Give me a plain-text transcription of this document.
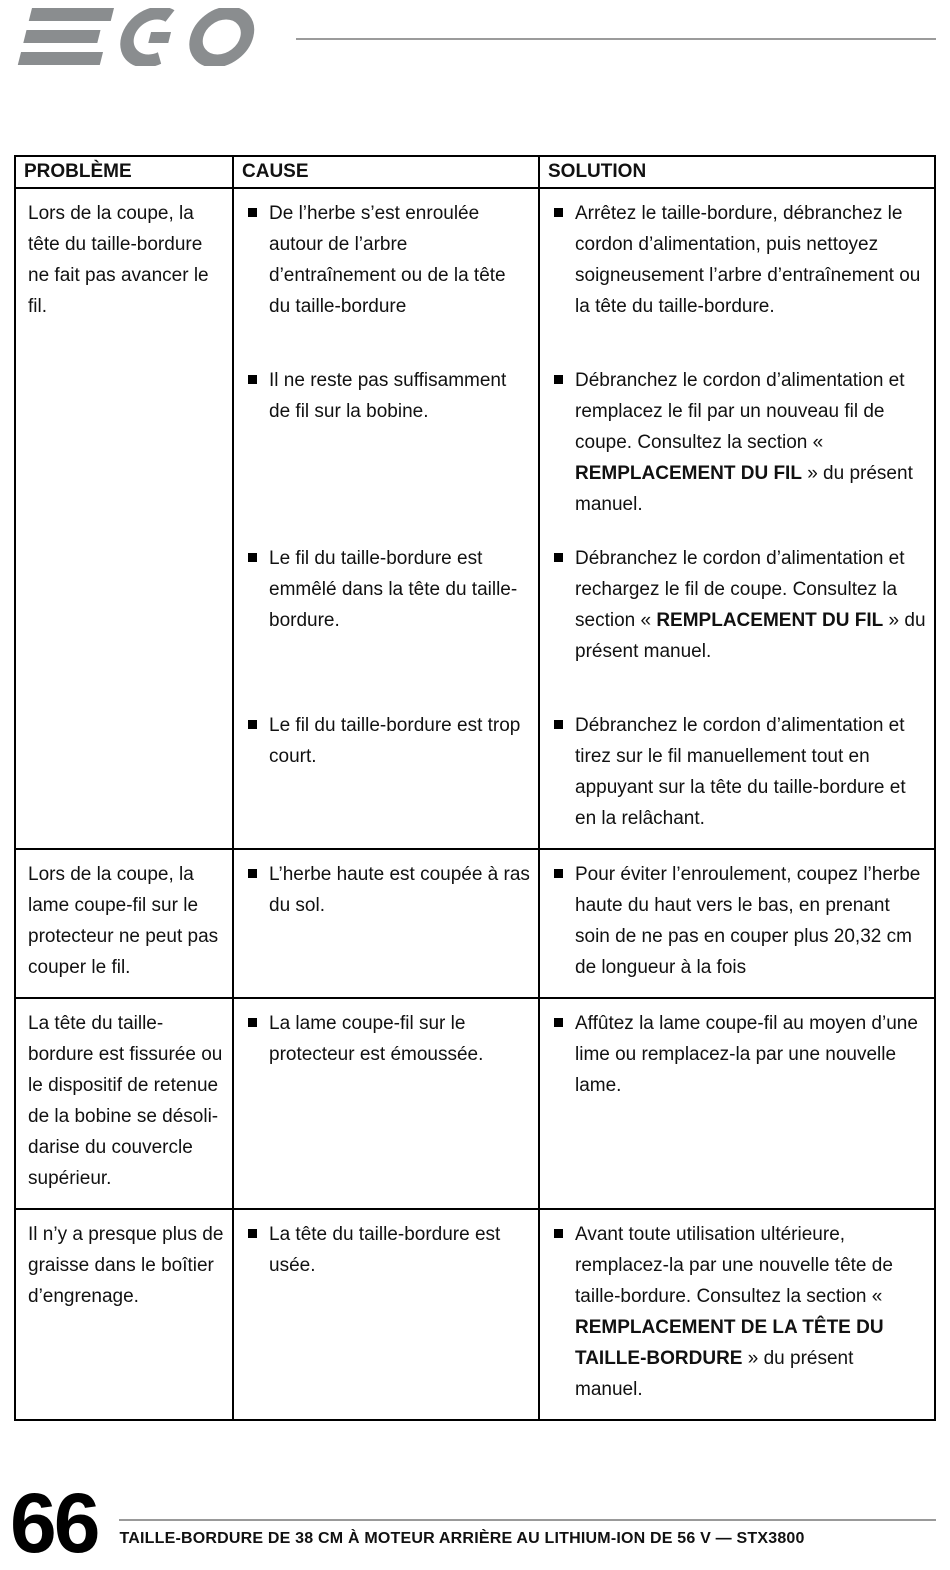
PROBLÈME	CAUSE	SOLUTION

Lors de la coupe, la tête du taille-bordure ne fait pas avancer le fil.	De l’herbe s’est enroulée autour de l’arbre d’entraînement ou de la tête du taille-bordure	Arrêtez le taille-bordure, débranchez le cordon d’alimentation, puis nettoyez soigneusement l’arbre d’entraînement ou la tête du taille-bordure.

	Il ne reste pas suffisamment de fil sur la bobine.	Débranchez le cordon d’alimentation et remplacez le fil par un nouveau fil de coupe. Consultez la section « REMPLACEMENT DU FIL » du présent manuel.

	Le fil du taille-bordure est emmêlé dans la tête du taille-bordure.	Débranchez le cordon d’alimentation et rechargez le fil de coupe. Consultez la section « REMPLACEMENT DU FIL » du présent manuel.

	Le fil du taille-bordure est trop court.	Débranchez le cordon d’alimentation et tirez sur le fil manuellement tout en appuyant sur la tête du taille-bordure et en la relâchant.

Lors de la coupe, la lame coupe-fil sur le protecteur ne peut pas couper le fil.	L’herbe haute est coupée à ras du sol.	Pour éviter l’enroulement, coupez l’herbe haute du haut vers le bas, en prenant soin de ne pas en couper plus 20,32 cm de longueur à la fois

La tête du taille-bordure est fissurée ou le dispositif de retenue de la bobine se désoli-darise du couvercle supérieur.	La lame coupe-fil sur le protecteur est émoussée.	Affûtez la lame coupe-fil au moyen d’une lime ou remplacez-la par une nouvelle lame.

Il n’y a presque plus de graisse dans le boîtier d’engrenage.	La tête du taille-bordure est usée.	Avant toute utilisation ultérieure, remplacez-la par une nouvelle tête de taille-bordure. Consultez la section « REMPLACEMENT DE LA TÊTE DU TAILLE-BORDURE » du présent manuel.
66 TAILLE-BORDURE DE 38 CM À MOTEUR ARRIÈRE AU LITHIUM-ION DE 56 V — STX3800
